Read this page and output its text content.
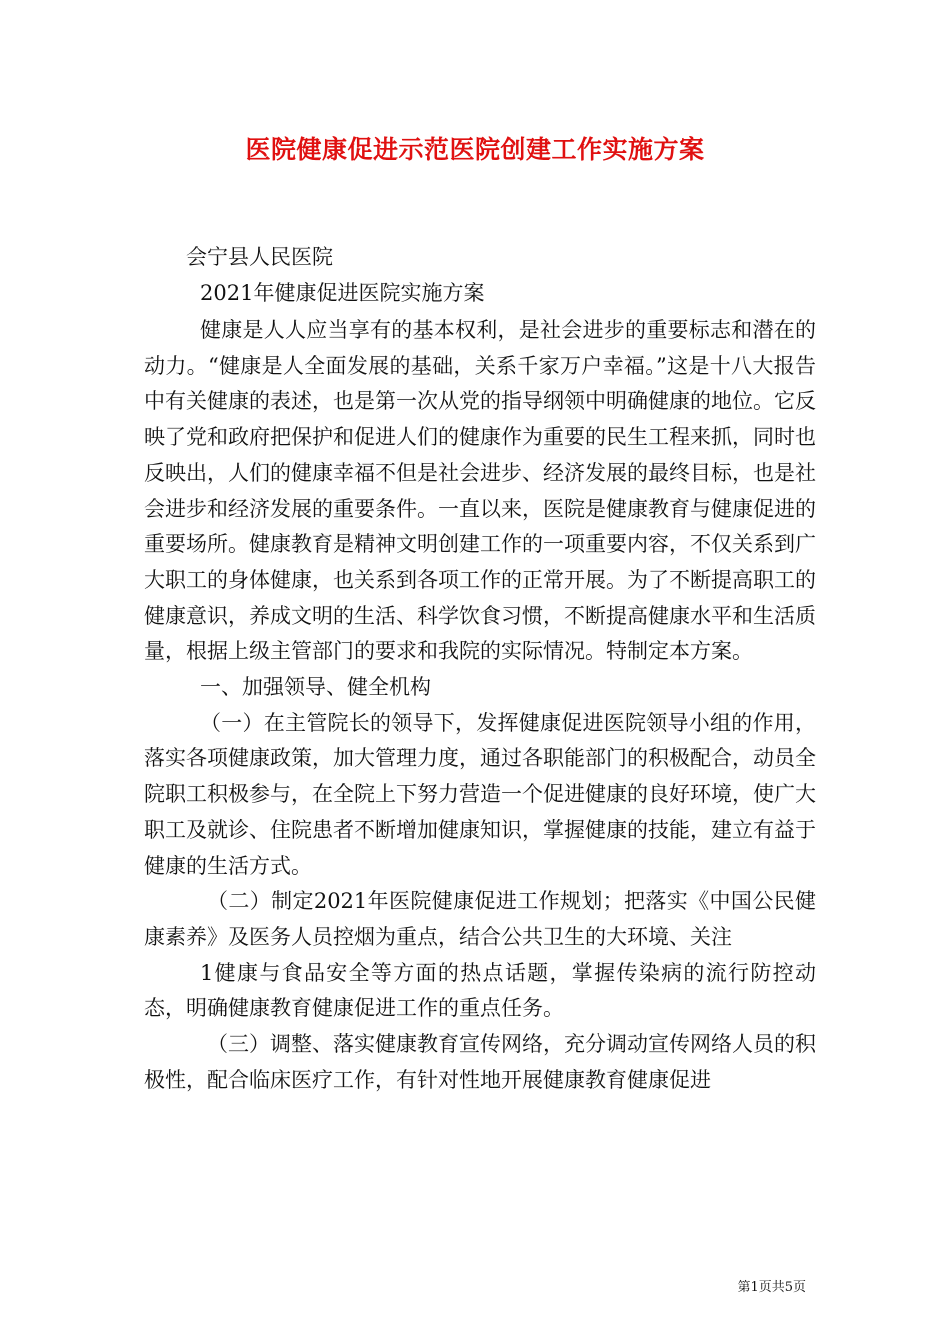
医院健康促进示范医院创建工作实施方案
会宁县人民医院
2021年健康促进医院实施方案

健康是人人应当享有的基本权利，是社会进步的重要标志和潜在的动力。“健康是人全面发展的基础，关系千家万户幸福。”这是十八大报告中有关健康的表述，也是第一次从党的指导纲领中明确健康的地位。它反映了党和政府把保护和促进人们的健康作为重要的民生工程来抓，同时也反映出，人们的健康幸福不但是社会进步、经济发展的最终目标，也是社会进步和经济发展的重要条件。一直以来，医院是健康教育与健康促进的重要场所。健康教育是精神文明创建工作的一项重要内容，不仅关系到广大职工的身体健康，也关系到各项工作的正常开展。为了不断提高职工的健康意识，养成文明的生活、科学饮食习惯，不断提高健康水平和生活质量，根据上级主管部门的要求和我院的实际情况。特制定本方案。

一、加强领导、健全机构

（一）在主管院长的领导下，发挥健康促进医院领导小组的作用，落实各项健康政策，加大管理力度，通过各职能部门的积极配合，动员全院职工积极参与，在全院上下努力营造一个促进健康的良好环境，使广大职工及就诊、住院患者不断增加健康知识，掌握健康的技能，建立有益于健康的生活方式。

（二）制定2021年医院健康促进工作规划；把落实《中国公民健康素养》及医务人员控烟为重点，结合公共卫生的大环境、关注

1健康与食品安全等方面的热点话题，掌握传染病的流行防控动态，明确健康教育健康促进工作的重点任务。

（三）调整、落实健康教育宣传网络，充分调动宣传网络人员的积极性，配合临床医疗工作，有针对性地开展健康教育健康促进

第1页共5页
